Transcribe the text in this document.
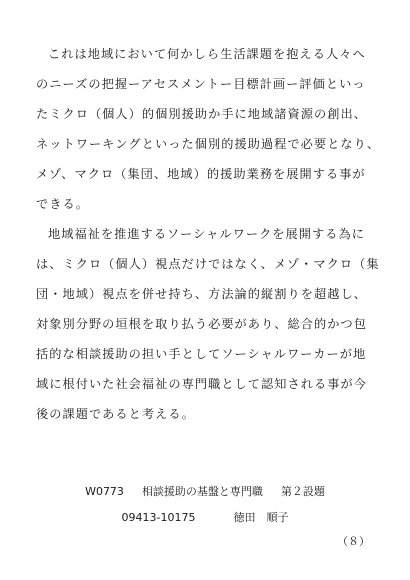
これは地域において何かしら生活課題を抱える人々へ
のニーズの把握ーアセスメントー目標計画ー評価といっ
たミクロ（個人）的個別援助か手に地域諸資源の創出、
ネットワーキングといった個別的援助過程で必要となり、
メゾ、マクロ（集団、地域）的援助業務を展開する事が
できる。
地域福祉を推進するソーシャルワークを展開する為に
は、ミクロ（個人）視点だけではなく、メゾ・マクロ（集
団・地域）視点を併せ持ち、方法論的縦割りを超越し、
対象別分野の垣根を取り払う必要があり、総合的かつ包
括的な相談援助の担い手としてソーシャルワーカーが地
域に根付いた社会福祉の専門職として認知される事が今
後の課題であると考える。
W0773 相談援助の基盤と専門職 第２設題
09413-10175	徳田　順子
（８）
